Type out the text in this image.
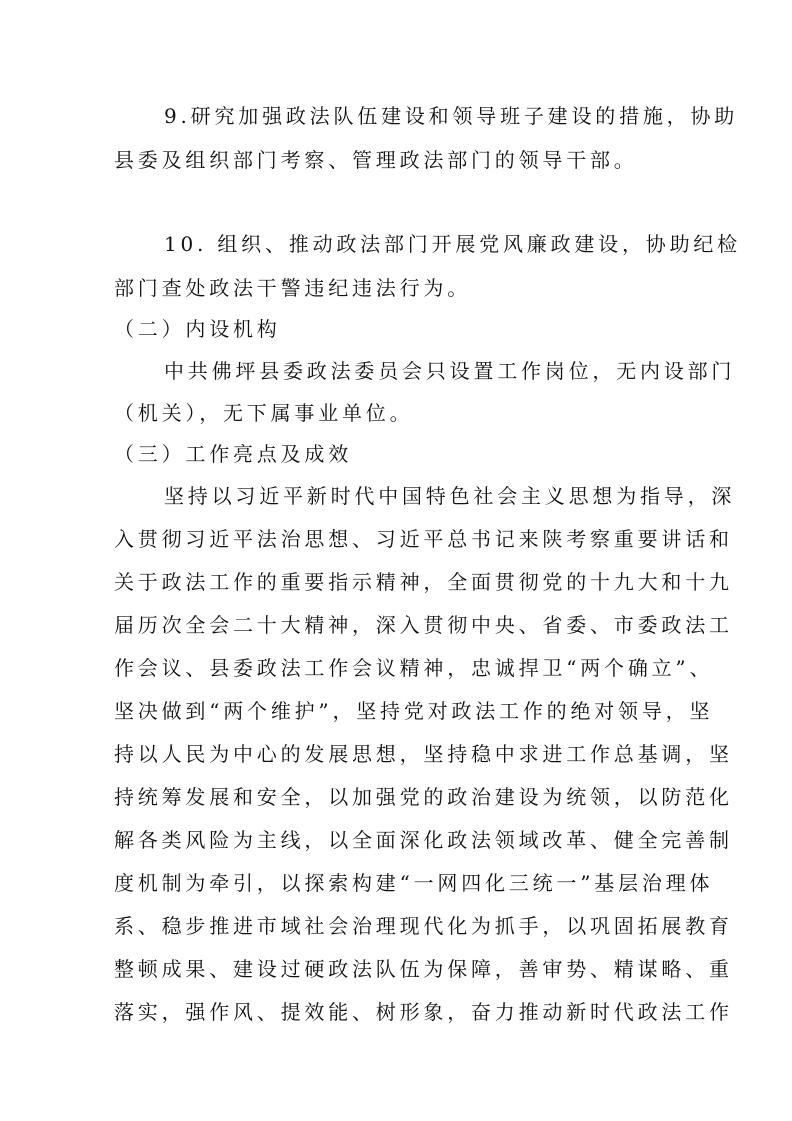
9.研究加强政法队伍建设和领导班子建设的措施，协助
县委及组织部门考察、管理政法部门的领导干部。
10. 组织、推动政法部门开展党风廉政建设，协助纪检
部门查处政法干警违纪违法行为。
（二）内设机构
中共佛坪县委政法委员会只设置工作岗位，无内设部门
（机关），无下属事业单位。
（三）工作亮点及成效
坚持以习近平新时代中国特色社会主义思想为指导，深
入贯彻习近平法治思想、习近平总书记来陕考察重要讲话和
关于政法工作的重要指示精神，全面贯彻党的十九大和十九
届历次全会二十大精神，深入贯彻中央、省委、市委政法工
作会议、县委政法工作会议精神，忠诚捍卫“两个确立”、
坚决做到“两个维护”，坚持党对政法工作的绝对领导，坚
持以人民为中心的发展思想，坚持稳中求进工作总基调，坚
持统筹发展和安全，以加强党的政治建设为统领，以防范化
解各类风险为主线，以全面深化政法领域改革、健全完善制
度机制为牵引，以探索构建“一网四化三统一”基层治理体
系、稳步推进市域社会治理现代化为抓手，以巩固拓展教育
整顿成果、建设过硬政法队伍为保障，善审势、精谋略、重
落实，强作风、提效能、树形象，奋力推动新时代政法工作
